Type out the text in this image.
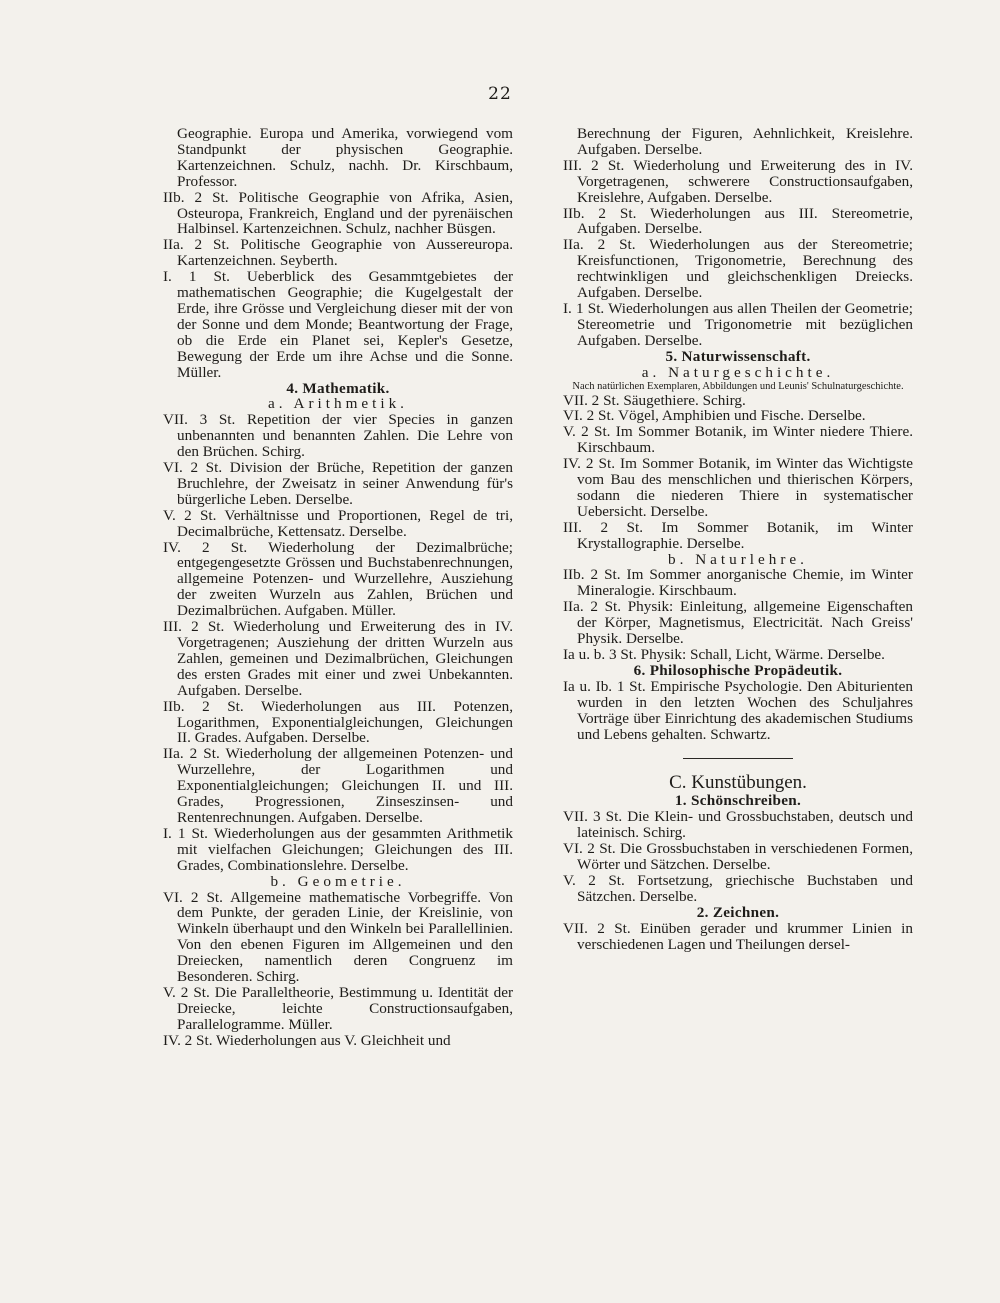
22

Geographie. Europa und Amerika, vorwiegend vom Standpunkt der physischen Geographie. Kartenzeichnen. Schulz, nachh. Dr. Kirschbaum, Professor.

IIb. 2 St. Politische Geographie von Afrika, Asien, Osteuropa, Frankreich, England und der pyrenäischen Halbinsel. Kartenzeichnen. Schulz, nachher Büsgen.

IIa. 2 St. Politische Geographie von Aussereuropa. Kartenzeichnen. Seyberth.

I. 1 St. Ueberblick des Gesammtgebietes der mathematischen Geographie; die Kugelgestalt der Erde, ihre Grösse und Vergleichung dieser mit der von der Sonne und dem Monde; Beantwortung der Frage, ob die Erde ein Planet sei, Kepler's Gesetze, Bewegung der Erde um ihre Achse und die Sonne. Müller.

4. Mathematik.

a. Arithmetik.

VII. 3 St. Repetition der vier Species in ganzen unbenannten und benannten Zahlen. Die Lehre von den Brüchen. Schirg.

VI. 2 St. Division der Brüche, Repetition der ganzen Bruchlehre, der Zweisatz in seiner Anwendung für's bürgerliche Leben. Derselbe.

V. 2 St. Verhältnisse und Proportionen, Regel de tri, Decimalbrüche, Kettensatz. Derselbe.

IV. 2 St. Wiederholung der Dezimalbrüche; entgegengesetzte Grössen und Buchstabenrechnungen, allgemeine Potenzen- und Wurzellehre, Ausziehung der zweiten Wurzeln aus Zahlen, Brüchen und Dezimalbrüchen. Aufgaben. Müller.

III. 2 St. Wiederholung und Erweiterung des in IV. Vorgetragenen; Ausziehung der dritten Wurzeln aus Zahlen, gemeinen und Dezimalbrüchen, Gleichungen des ersten Grades mit einer und zwei Unbekannten. Aufgaben. Derselbe.

IIb. 2 St. Wiederholungen aus III. Potenzen, Logarithmen, Exponentialgleichungen, Gleichungen II. Grades. Aufgaben. Derselbe.

IIa. 2 St. Wiederholung der allgemeinen Potenzen- und Wurzellehre, der Logarithmen und Exponentialgleichungen; Gleichungen II. und III. Grades, Progressionen, Zinseszinsen- und Rentenrechnungen. Aufgaben. Derselbe.

I. 1 St. Wiederholungen aus der gesammten Arithmetik mit vielfachen Gleichungen; Gleichungen des III. Grades, Combinationslehre. Derselbe.

b. Geometrie.

VI. 2 St. Allgemeine mathematische Vorbegriffe. Von dem Punkte, der geraden Linie, der Kreislinie, von Winkeln überhaupt und den Winkeln bei Parallellinien. Von den ebenen Figuren im Allgemeinen und den Dreiecken, namentlich deren Congruenz im Besonderen. Schirg.

V. 2 St. Die Paralleltheorie, Bestimmung u. Identität der Dreiecke, leichte Constructionsaufgaben, Parallelogramme. Müller.

IV. 2 St. Wiederholungen aus V. Gleichheit und

Berechnung der Figuren, Aehnlichkeit, Kreislehre. Aufgaben. Derselbe.

III. 2 St. Wiederholung und Erweiterung des in IV. Vorgetragenen, schwerere Constructionsaufgaben, Kreislehre, Aufgaben. Derselbe.

IIb. 2 St. Wiederholungen aus III. Stereometrie, Aufgaben. Derselbe.

IIa. 2 St. Wiederholungen aus der Stereometrie; Kreisfunctionen, Trigonometrie, Berechnung des rechtwinkligen und gleichschenkligen Dreiecks. Aufgaben. Derselbe.

I. 1 St. Wiederholungen aus allen Theilen der Geometrie; Stereometrie und Trigonometrie mit bezüglichen Aufgaben. Derselbe.

5. Naturwissenschaft.

a. Naturgeschichte.

Nach natürlichen Exemplaren, Abbildungen und Leunis' Schulnaturgeschichte.

VII. 2 St. Säugethiere. Schirg.

VI. 2 St. Vögel, Amphibien und Fische. Derselbe.

V. 2 St. Im Sommer Botanik, im Winter niedere Thiere. Kirschbaum.

IV. 2 St. Im Sommer Botanik, im Winter das Wichtigste vom Bau des menschlichen und thierischen Körpers, sodann die niederen Thiere in systematischer Uebersicht. Derselbe.

III. 2 St. Im Sommer Botanik, im Winter Krystallographie. Derselbe.

b. Naturlehre.

IIb. 2 St. Im Sommer anorganische Chemie, im Winter Mineralogie. Kirschbaum.

IIa. 2 St. Physik: Einleitung, allgemeine Eigenschaften der Körper, Magnetismus, Electricität. Nach Greiss' Physik. Derselbe.

Ia u. b. 3 St. Physik: Schall, Licht, Wärme. Derselbe.

6. Philosophische Propädeutik.

Ia u. Ib. 1 St. Empirische Psychologie. Den Abiturienten wurden in den letzten Wochen des Schuljahres Vorträge über Einrichtung des akademischen Studiums und Lebens gehalten. Schwartz.

C. Kunstübungen.

1. Schönschreiben.

VII. 3 St. Die Klein- und Grossbuchstaben, deutsch und lateinisch. Schirg.

VI. 2 St. Die Grossbuchstaben in verschiedenen Formen, Wörter und Sätzchen. Derselbe.

V. 2 St. Fortsetzung, griechische Buchstaben und Sätzchen. Derselbe.

2. Zeichnen.

VII. 2 St. Einüben gerader und krummer Linien in verschiedenen Lagen und Theilungen dersel-
